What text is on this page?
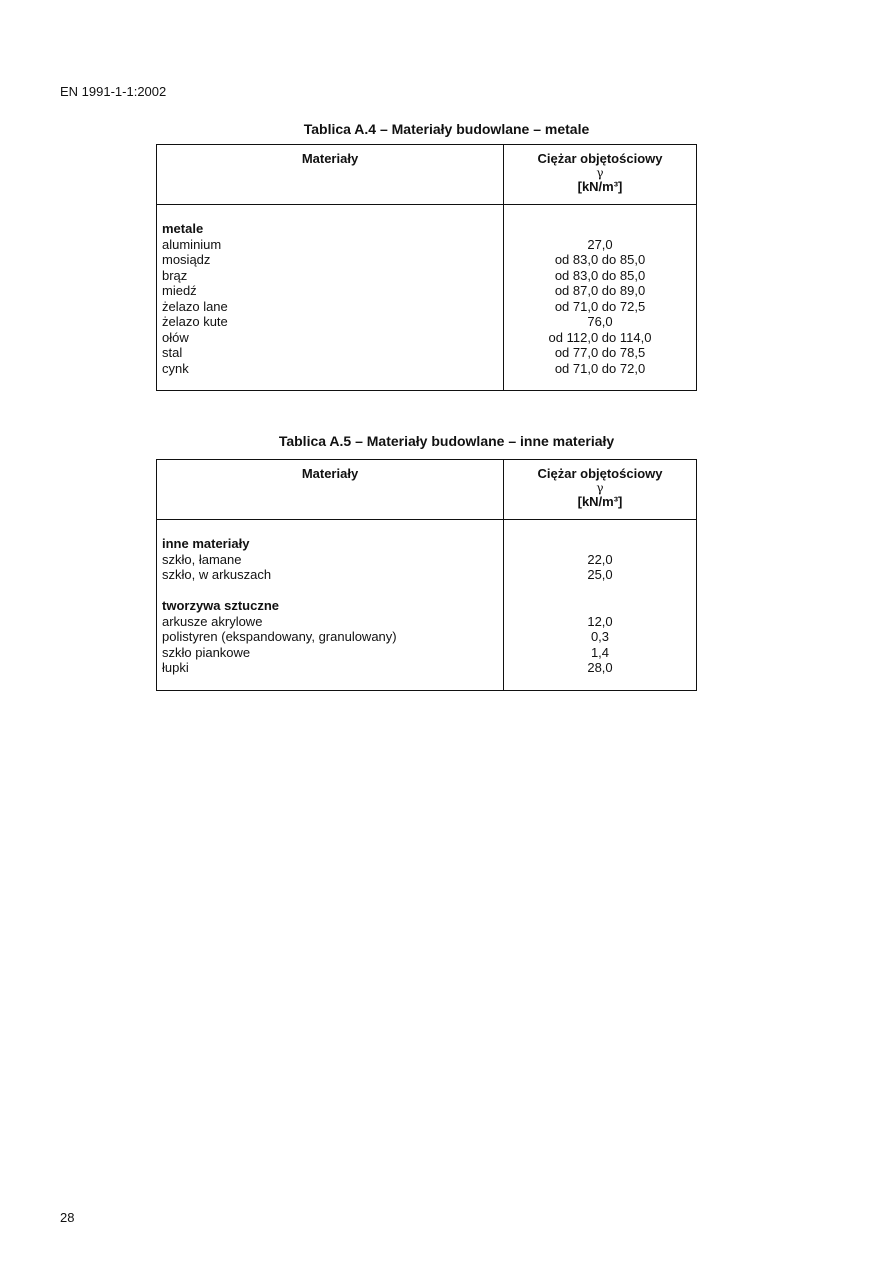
EN 1991-1-1:2002
Tablica A.4 – Materiały budowlane – metale
Materiały	Ciężar objętościowy
γ
[kN/m³]
metale
aluminium
mosiądz
brąz
miedź
żelazo lane
żelazo kute
ołów
stal
cynk
27,0
od 83,0 do 85,0
od 83,0 do 85,0
od 87,0 do 89,0
od 71,0 do 72,5
76,0
od 112,0 do 114,0
od 77,0 do 78,5
od 71,0 do 72,0
Tablica A.5 – Materiały budowlane – inne materiały
Materiały	Ciężar objętościowy
γ
[kN/m³]
inne materiały
szkło, łamane
szkło, w arkuszach
tworzywa sztuczne
arkusze akrylowe
polistyren (ekspandowany, granulowany)
szkło piankowe
łupki
22,0
25,0
12,0
0,3
1,4
28,0
28
